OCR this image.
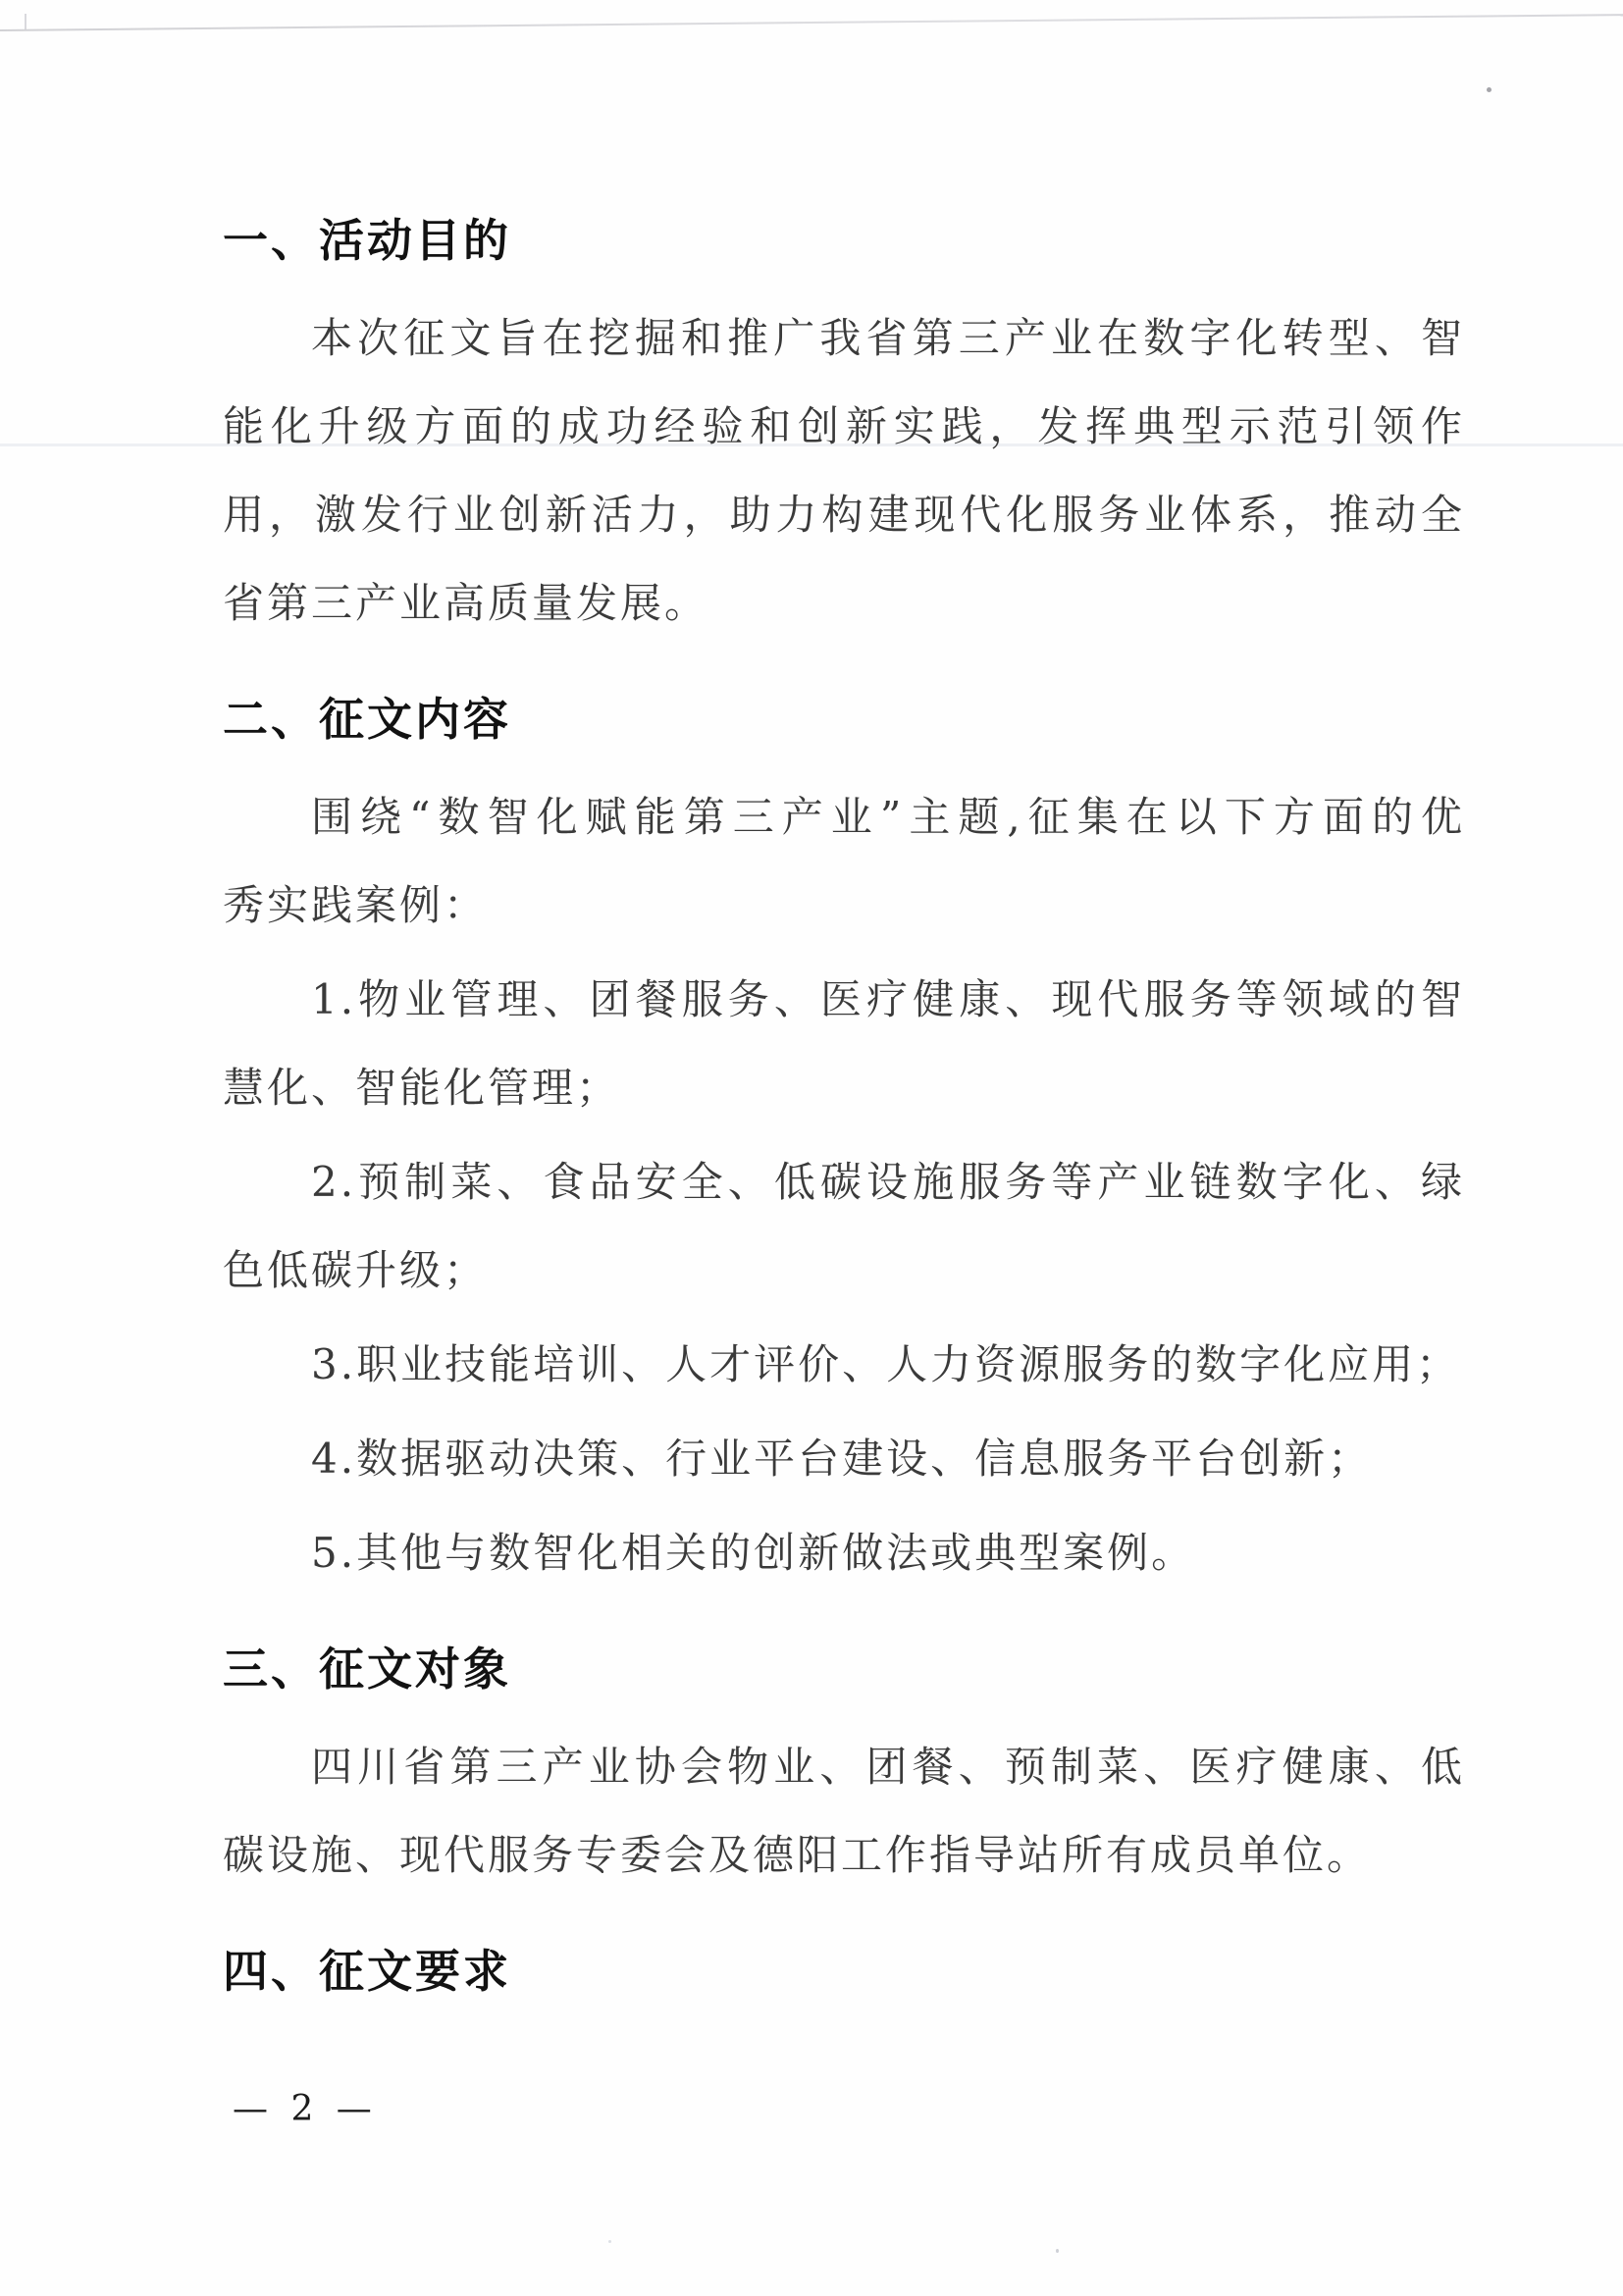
一、活动目的
本次征文旨在挖掘和推广我省第三产业在数字化转型、智
能化升级方面的成功经验和创新实践，发挥典型示范引领作
用，激发行业创新活力，助力构建现代化服务业体系，推动全
省第三产业高质量发展。
二、征文内容
围绕“数智化赋能第三产业”主题,征集在以下方面的优
秀实践案例：
1.物业管理、团餐服务、医疗健康、现代服务等领域的智
慧化、智能化管理；
2.预制菜、食品安全、低碳设施服务等产业链数字化、绿
色低碳升级；
3.职业技能培训、人才评价、人力资源服务的数字化应用；
4.数据驱动决策、行业平台建设、信息服务平台创新；
5.其他与数智化相关的创新做法或典型案例。
三、征文对象
四川省第三产业协会物业、团餐、预制菜、医疗健康、低
碳设施、现代服务专委会及德阳工作指导站所有成员单位。
四、征文要求
— 2 —
